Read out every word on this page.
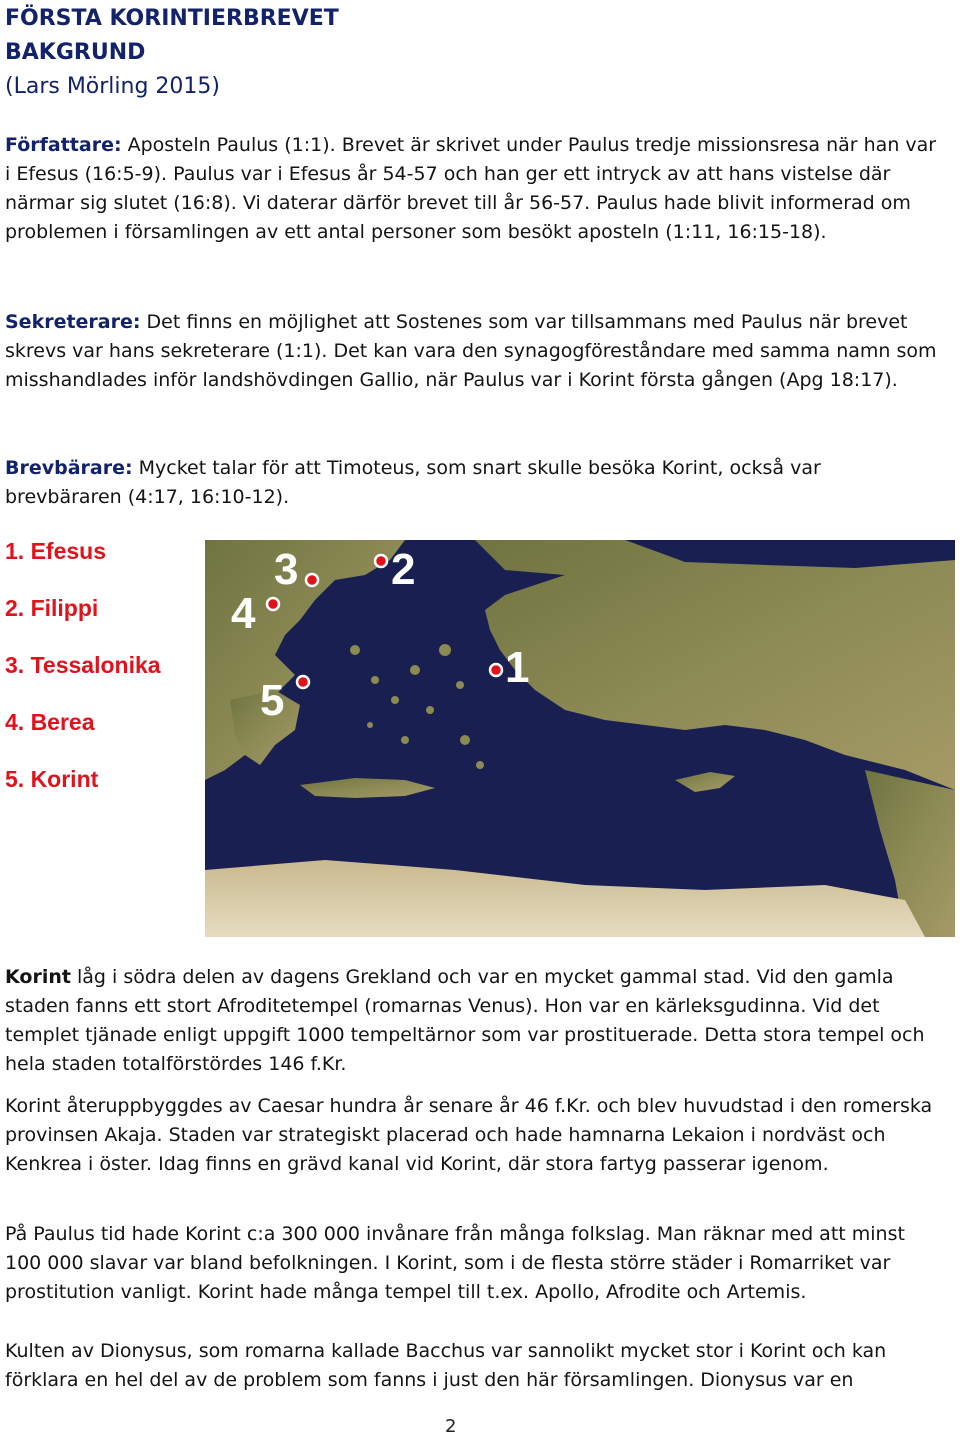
FÖRSTA KORINTIERBREVET
BAKGRUND
(Lars Mörling 2015)

Författare: Aposteln Paulus (1:1). Brevet är skrivet under Paulus tredje missionsresa när han var i Efesus (16:5-9). Paulus var i Efesus år 54-57 och han ger ett intryck av att hans vistelse där närmar sig slutet (16:8). Vi daterar därför brevet till år 56-57. Paulus hade blivit informerad om problemen i församlingen av ett antal personer som besökt aposteln (1:11, 16:15-18).

Sekreterare: Det finns en möjlighet att Sostenes som var tillsammans med Paulus när brevet skrevs var hans sekreterare (1:1). Det kan vara den synagogföreståndare med samma namn som misshandlades inför landshövdingen Gallio, när Paulus var i Korint första gången (Apg 18:17).

Brevbärare: Mycket talar för att Timoteus, som snart skulle besöka Korint, också var brevbäraren (4:17, 16:10-12).

1. Efesus
2. Filippi
3. Tessalonika
4. Berea
5. Korint
3 2
4
1
5

Korint låg i södra delen av dagens Grekland och var en mycket gammal stad. Vid den gamla staden fanns ett stort Afroditetempel (romarnas Venus). Hon var en kärleksgudinna. Vid det templet tjänade enligt uppgift 1000 tempeltärnor som var prostituerade. Detta stora tempel och hela staden totalförstördes 146 f.Kr.

Korint återuppbyggdes av Caesar hundra år senare år 46 f.Kr. och blev huvudstad i den romerska provinsen Akaja. Staden var strategiskt placerad och hade hamnarna Lekaion i nordväst och Kenkrea i öster. Idag finns en grävd kanal vid Korint, där stora fartyg passerar igenom.

På Paulus tid hade Korint c:a 300 000 invånare från många folkslag. Man räknar med att minst 100 000 slavar var bland befolkningen. I Korint, som i de flesta större städer i Romarriket var prostitution vanligt. Korint hade många tempel till t.ex. Apollo, Afrodite och Artemis.

Kulten av Dionysus, som romarna kallade Bacchus var sannolikt mycket stor i Korint och kan förklara en hel del av de problem som fanns i just den här församlingen. Dionysus var en

2
